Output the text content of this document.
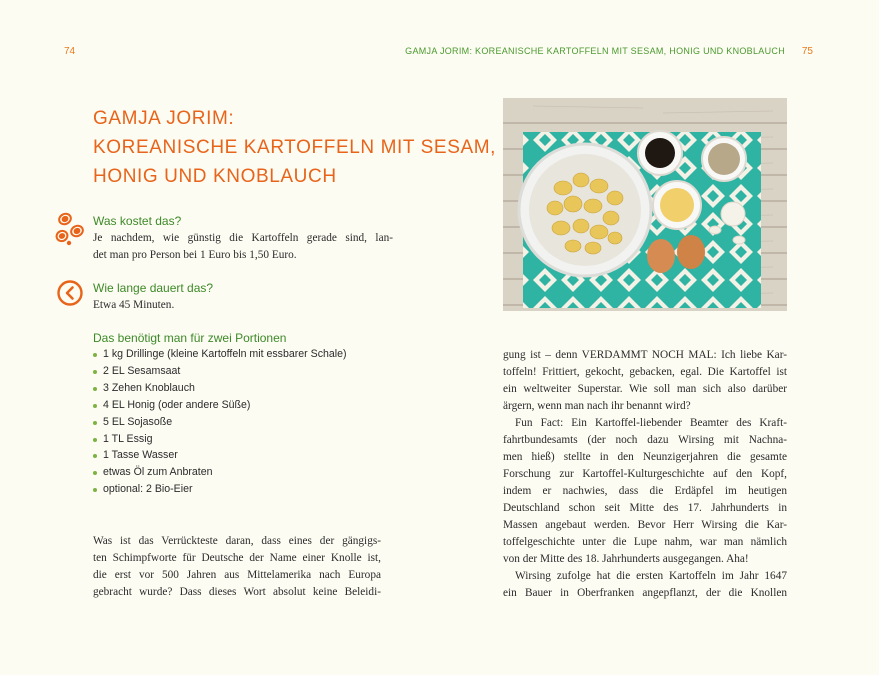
74
GAMJA JORIM:
KOREANISCHE KARTOFFELN MIT SESAM,
HONIG UND KNOBLAUCH

Was kostet das?

Je nachdem, wie günstig die Kartoffeln gerade sind, lan-
det man pro Person bei 1 Euro bis 1,50 Euro.

Wie lange dauert das?

Etwa 45 Minuten.

Das benötigt man für zwei Portionen

1 kg Drillinge (kleine Kartoffeln mit essbarer Schale)
2 EL Sesamsaat
3 Zehen Knoblauch
4 EL Honig (oder andere Süße)
5 EL Sojasoße
1 TL Essig
1 Tasse Wasser
etwas Öl zum Anbraten
optional: 2 Bio-Eier
Was ist das Verrückteste daran, dass eines der gängigs-
ten Schimpfworte für Deutsche der Name einer Knolle ist,
die erst vor 500 Jahren aus Mittelamerika nach Europa
gebracht wurde? Dass dieses Wort absolut keine Beleidi-
GAMJA JORIM: KOREANISCHE KARTOFFELN MIT SESAM, HONIG UND KNOBLAUCH 75
gung ist – denn VERDAMMT NOCH MAL: Ich liebe Kar-
toffeln! Frittiert, gekocht, gebacken, egal. Die Kartoffel ist
ein weltweiter Superstar. Wie soll man sich also darüber
ärgern, wenn man nach ihr benannt wird?
Fun Fact: Ein Kartoffel-liebender Beamter des Kraft-
fahrtbundesamts (der noch dazu Wirsing mit Nachna-
men hieß) stellte in den Neunzigerjahren die gesamte
Forschung zur Kartoffel-Kulturgeschichte auf den Kopf,
indem er nachwies, dass die Erdäpfel im heutigen
Deutschland schon seit Mitte des 17. Jahrhunderts in
Massen angebaut werden. Bevor Herr Wirsing die Kar-
toffelgeschichte unter die Lupe nahm, war man nämlich
von der Mitte des 18. Jahrhunderts ausgegangen. Aha!
Wirsing zufolge hat die ersten Kartoffeln im Jahr 1647
ein Bauer in Oberfranken angepflanzt, der die Knollen
